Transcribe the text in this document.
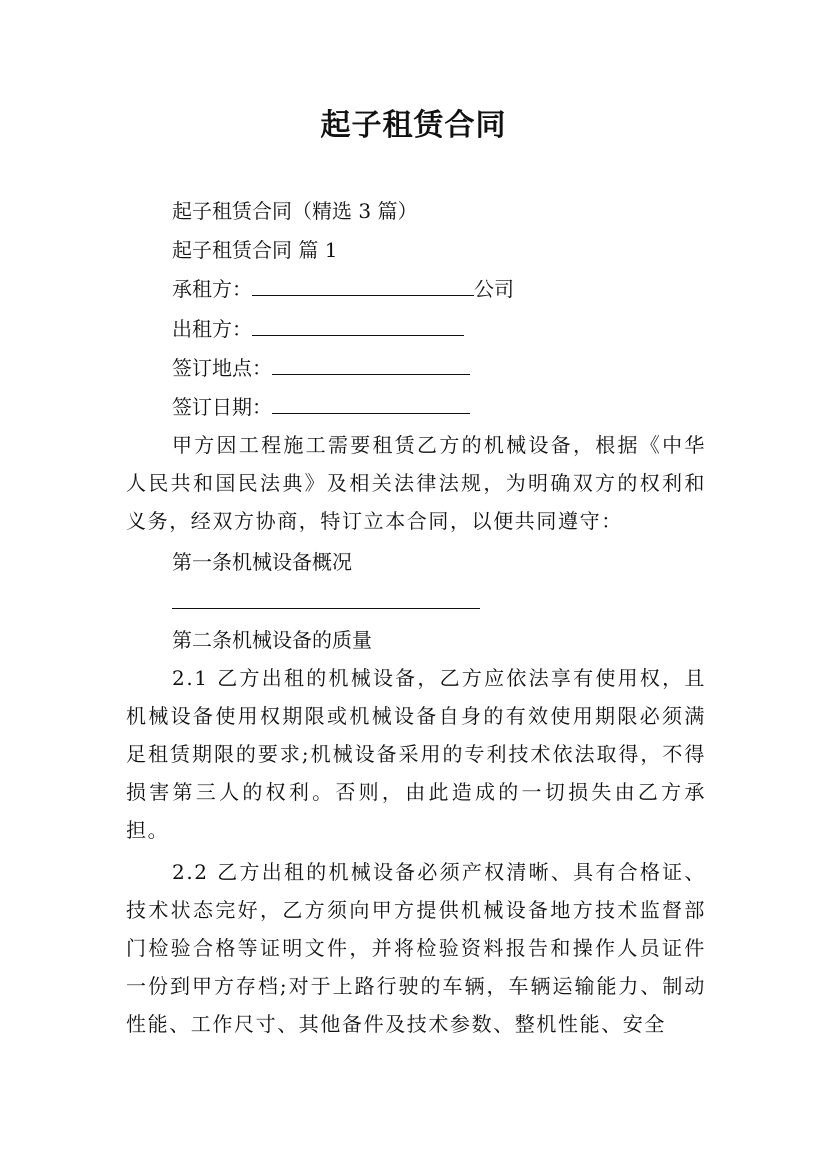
起子租赁合同
起子租赁合同（精选 3 篇）
起子租赁合同 篇 1
承租方：	公司
出租方：
签订地点：
签订日期：
甲方因工程施工需要租赁乙方的机械设备，根据《中华人民共和国民法典》及相关法律法规，为明确双方的权利和义务，经双方协商，特订立本合同，以便共同遵守：
第一条机械设备概况
第二条机械设备的质量
2.1 乙方出租的机械设备，乙方应依法享有使用权，且机械设备使用权期限或机械设备自身的有效使用期限必须满足租赁期限的要求;机械设备采用的专利技术依法取得，不得损害第三人的权利。否则，由此造成的一切损失由乙方承担。
2.2 乙方出租的机械设备必须产权清晰、具有合格证、技术状态完好，乙方须向甲方提供机械设备地方技术监督部门检验合格等证明文件，并将检验资料报告和操作人员证件一份到甲方存档;对于上路行驶的车辆，车辆运输能力、制动性能、工作尺寸、其他备件及技术参数、整机性能、安全
